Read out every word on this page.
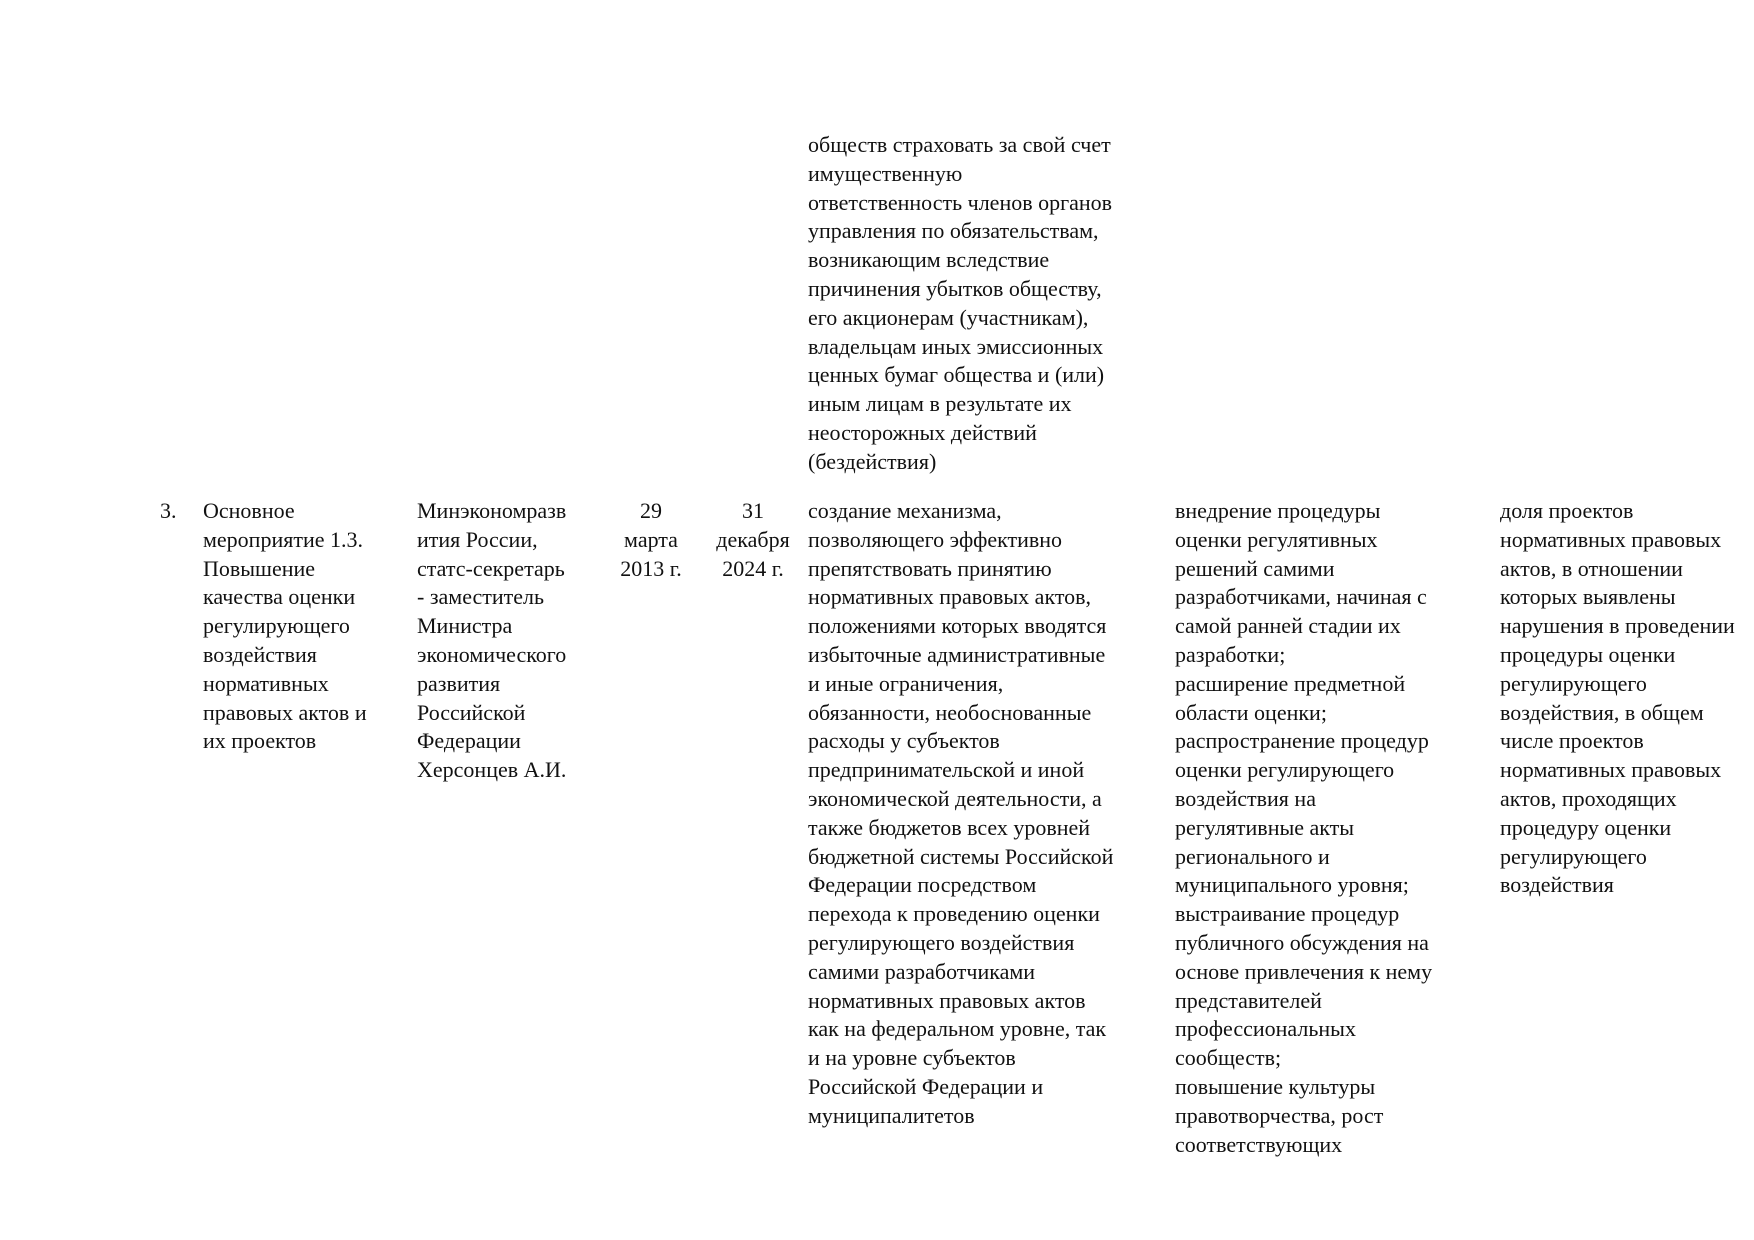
обществ страховать за свой счет
имущественную
ответственность членов органов
управления по обязательствам,
возникающим вследствие
причинения убытков обществу,
его акционерам (участникам),
владельцам иных эмиссионных
ценных бумаг общества и (или)
иным лицам в результате их
неосторожных действий
(бездействия)
3. Основное
мероприятие 1.3.
Повышение
качества оценки
регулирующего
воздействия
нормативных
правовых актов и
их проектов
Минэкономразв
ития России,
статс-секретарь
- заместитель
Министра
экономического
развития
Российской
Федерации
Херсонцев А.И.
29
марта
2013 г.
31
декабря
2024 г.
создание механизма,
позволяющего эффективно
препятствовать принятию
нормативных правовых актов,
положениями которых вводятся
избыточные административные
и иные ограничения,
обязанности, необоснованные
расходы у субъектов
предпринимательской и иной
экономической деятельности, а
также бюджетов всех уровней
бюджетной системы Российской
Федерации посредством
перехода к проведению оценки
регулирующего воздействия
самими разработчиками
нормативных правовых актов
как на федеральном уровне, так
и на уровне субъектов
Российской Федерации и
муниципалитетов
внедрение процедуры
оценки регулятивных
решений самими
разработчиками, начиная с
самой ранней стадии их
разработки;
расширение предметной
области оценки;
распространение процедур
оценки регулирующего
воздействия на
регулятивные акты
регионального и
муниципального уровня;
выстраивание процедур
публичного обсуждения на
основе привлечения к нему
представителей
профессиональных
сообществ;
повышение культуры
правотворчества, рост
соответствующих
доля проектов
нормативных правовых
актов, в отношении
которых выявлены
нарушения в проведении
процедуры оценки
регулирующего
воздействия, в общем
числе проектов
нормативных правовых
актов, проходящих
процедуру оценки
регулирующего
воздействия
